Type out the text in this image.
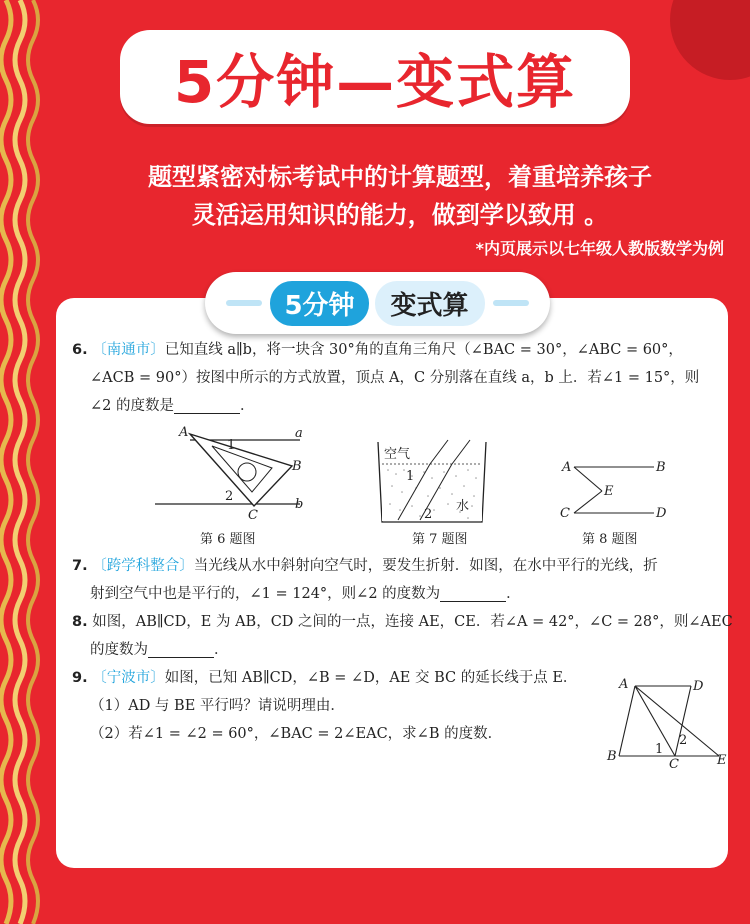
5分钟—变式算
题型紧密对标考试中的计算题型，着重培养孩子
灵活运用知识的能力，做到学以致用 。
*内页展示以七年级人教版数学为例
5分钟	变式算
6. 〔南通市〕已知直线 a∥b，将一块含 30°角的直角三角尺（∠BAC = 30°，∠ABC = 60°，
∠ACB = 90°）按图中所示的方式放置，顶点 A，C 分别落在直线 a，b 上．若∠1 = 15°，则
∠2 的度数是	．
A	a
1
B
2
C
b
第 6 题图
空气
1
水
2
第 7 题图
A	B
E
C	D
第 8 题图
7. 〔跨学科整合〕当光线从水中斜射向空气时，要发生折射．如图，在水中平行的光线，折
射到空气中也是平行的，∠1 = 124°，则∠2 的度数为	．
8. 如图，AB∥CD，E 为 AB，CD 之间的一点，连接 AE，CE．若∠A = 42°，∠C = 28°，则∠AEC
的度数为	．
9. 〔宁波市〕如图，已知 AB∥CD，∠B = ∠D，AE 交 BC 的延长线于点 E．
（1）AD 与 BE 平行吗？请说明理由．
（2）若∠1 = ∠2 = 60°，∠BAC = 2∠EAC，求∠B 的度数．
A	D
2
1
B
C	E
